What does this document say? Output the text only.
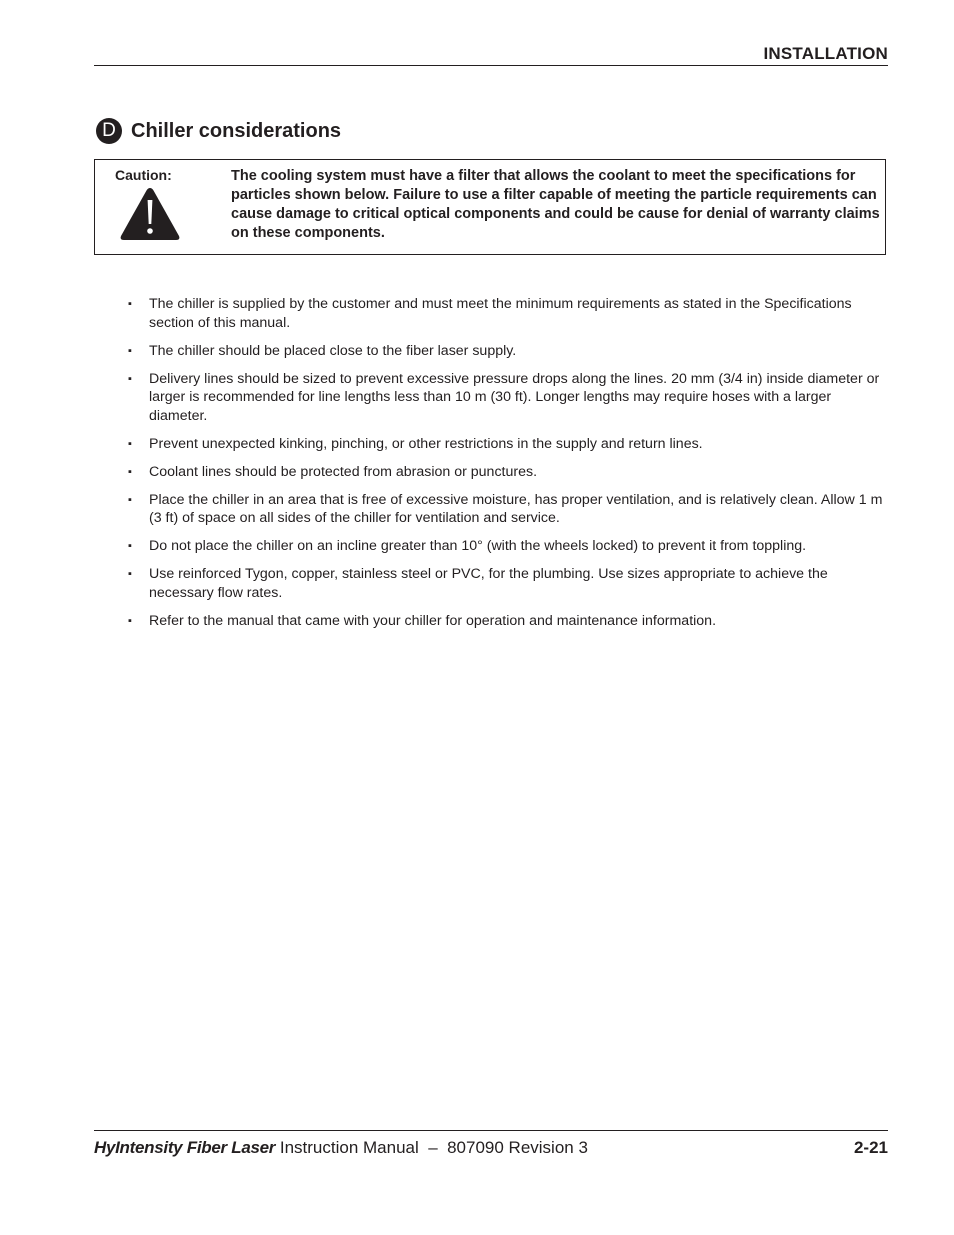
INSTALLATION
D Chiller considerations
Caution:	The cooling system must have a filter that allows the coolant to meet the specifications for particles shown below. Failure to use a filter capable of meeting the particle requirements can cause damage to critical optical components and could be cause for denial of warranty claims on these components.
▪ The chiller is supplied by the customer and must meet the minimum requirements as stated in the Specifications section of this manual.
▪ The chiller should be placed close to the fiber laser supply.
▪ Delivery lines should be sized to prevent excessive pressure drops along the lines. 20 mm (3/4 in) inside diameter or larger is recommended for line lengths less than 10 m (30 ft). Longer lengths may require hoses with a larger diameter.
▪ Prevent unexpected kinking, pinching, or other restrictions in the supply and return lines.
▪ Coolant lines should be protected from abrasion or punctures.
▪ Place the chiller in an area that is free of excessive moisture, has proper ventilation, and is relatively clean. Allow 1 m (3 ft) of space on all sides of the chiller for ventilation and service.
▪ Do not place the chiller on an incline greater than 10° (with the wheels locked) to prevent it from toppling.
▪ Use reinforced Tygon, copper, stainless steel or PVC, for the plumbing. Use sizes appropriate to achieve the necessary flow rates.
▪ Refer to the manual that came with your chiller for operation and maintenance information.
HyIntensity Fiber Laser Instruction Manual  –  807090 Revision 3	2-21
